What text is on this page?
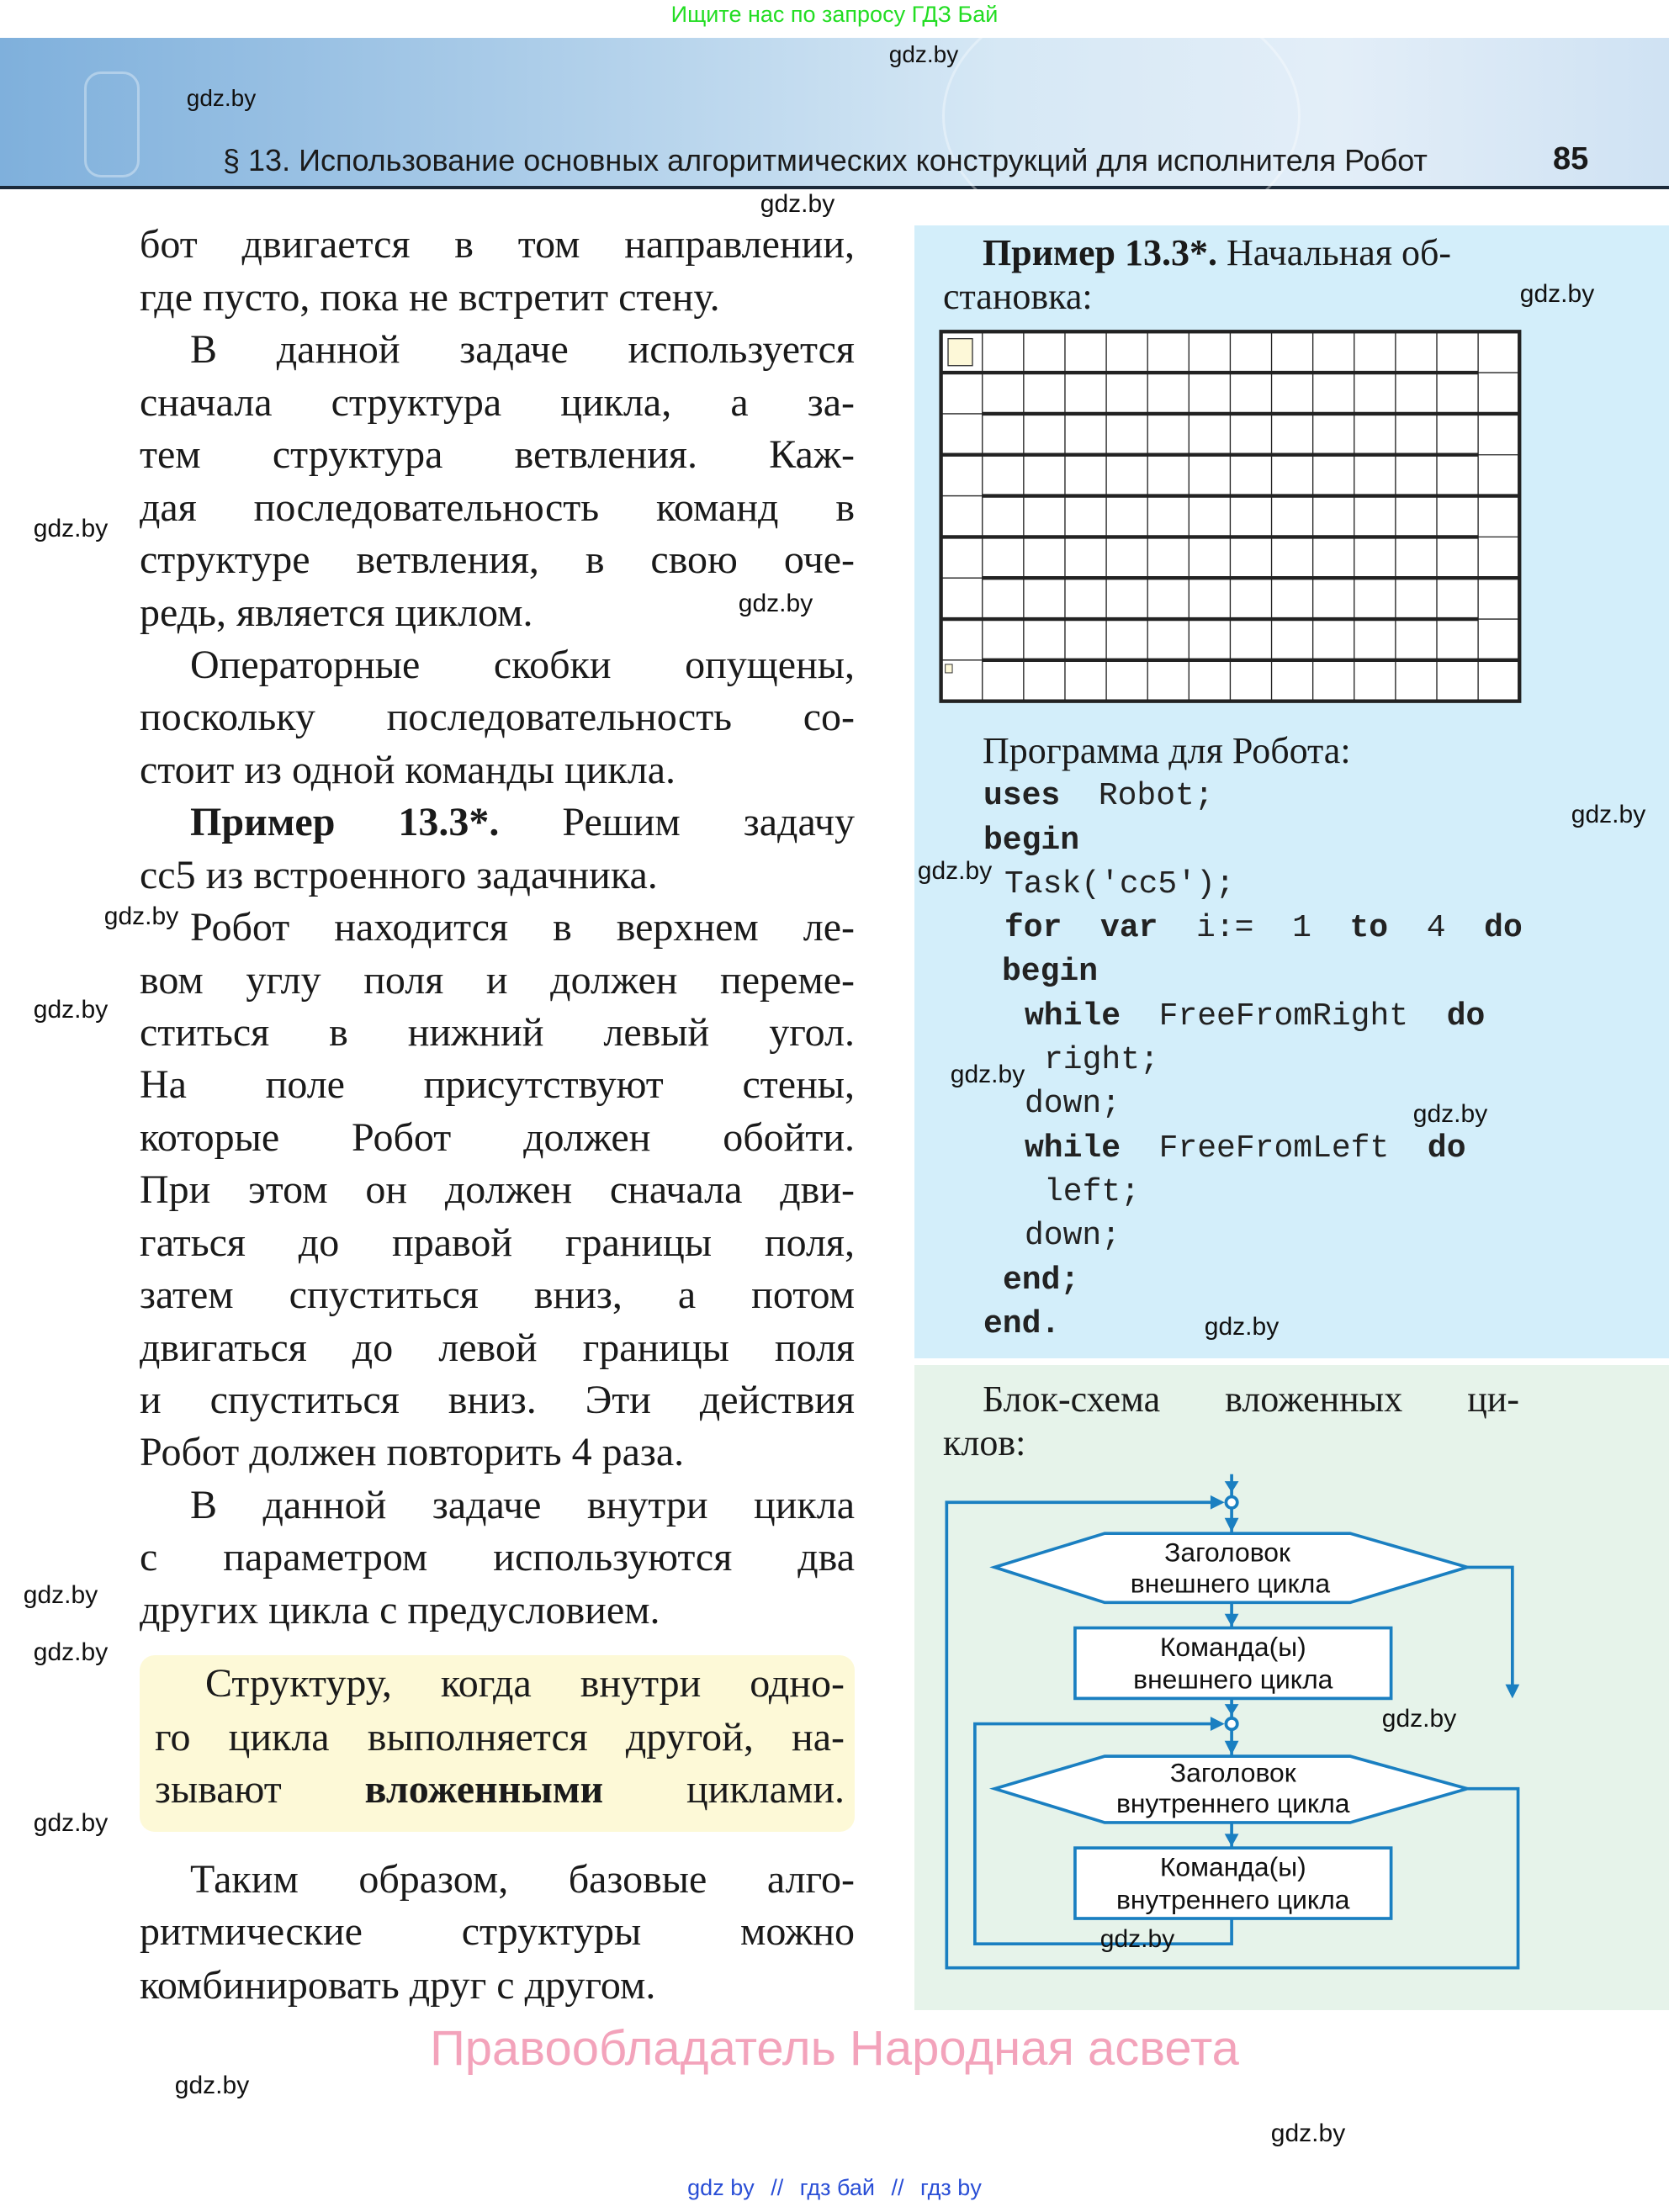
Ищите нас по запросу ГДЗ Бай
§ 13. Использование основных алгоритмических конструкций для исполнителя Робот	85
бот двигается в том направлении,
где пусто, пока не встретит стену.
В данной задаче используется
сначала структура цикла, а за-
тем структура ветвления. Каж-
дая последовательность команд в
структуре ветвления, в свою оче-
редь, является циклом.
Операторные скобки опущены,
поскольку последовательность со-
стоит из одной команды цикла.
Пример 13.3*. Решим задачу
cc5 из встроенного задачника.
Робот находится в верхнем ле-
вом углу поля и должен переме-
ститься в нижний левый угол.
На поле присутствуют стены,
которые Робот должен обойти.
При этом он должен сначала дви-
гаться до правой границы поля,
затем спуститься вниз, а потом
двигаться до левой границы поля
и спуститься вниз. Эти действия
Робот должен повторить 4 раза.
В данной задаче внутри цикла
с параметром используются два
других цикла с предусловием.
Структуру, когда внутри одно-
го цикла выполняется другой, на-
зывают вложенными циклами.
Таким образом, базовые алго-
ритмические структуры можно
комбинировать друг с другом.
Пример 13.3*. Начальная об-
становка:
Программа для Робота:
uses  Robot;
begin
Task('cc5');
for var  i:=  1  to  4  do
begin
while  FreeFromRight  do
right;
down;
while  FreeFromLeft  do
left;
down;
end;
end.
Блок-схема вложенных ци-
клов:
Заголовок
внешнего цикла
Команда(ы)
внешнего цикла
Заголовок
внутреннего цикла
Команда(ы)
внутреннего цикла
gdz.by
gdz.by
gdz.by
gdz.by
gdz.by
gdz.by
gdz.by
gdz.by
gdz.by
gdz.by
gdz.by
gdz.by
gdz.by
gdz.by
gdz.by
gdz.by
gdz.by
gdz.by
gdz.by
gdz.by
Правообладатель Народная асвета
gdz by // гдз бай // гдз by
